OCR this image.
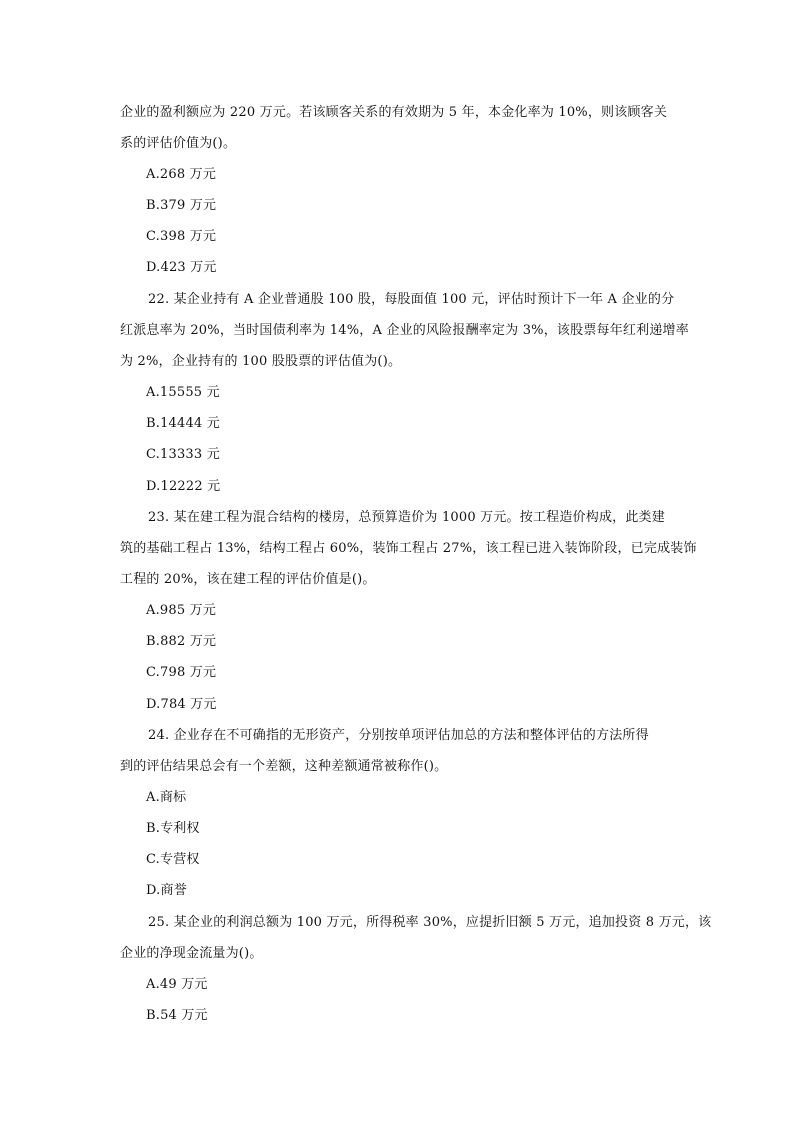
企业的盈利额应为 220 万元。若该顾客关系的有效期为 5 年，本金化率为 10%，则该顾客关
系的评估价值为()。
A.268 万元
B.379 万元
C.398 万元
D.423 万元
22. 某企业持有 A 企业普通股 100 股，每股面值 100 元，评估时预计下一年 A 企业的分
红派息率为 20%，当时国债利率为 14%，A 企业的风险报酬率定为 3%，该股票每年红利递增率
为 2%，企业持有的 100 股股票的评估值为()。
A.15555 元
B.14444 元
C.13333 元
D.12222 元
23. 某在建工程为混合结构的楼房，总预算造价为 1000 万元。按工程造价构成，此类建
筑的基础工程占 13%，结构工程占 60%，装饰工程占 27%，该工程已进入装饰阶段，已完成装饰
工程的 20%，该在建工程的评估价值是()。
A.985 万元
B.882 万元
C.798 万元
D.784 万元
24. 企业存在不可确指的无形资产，分别按单项评估加总的方法和整体评估的方法所得
到的评估结果总会有一个差额，这种差额通常被称作()。
A.商标
B.专利权
C.专营权
D.商誉
25. 某企业的利润总额为 100 万元，所得税率 30%，应提折旧额 5 万元，追加投资 8 万元，该
企业的净现金流量为()。
A.49 万元
B.54 万元
